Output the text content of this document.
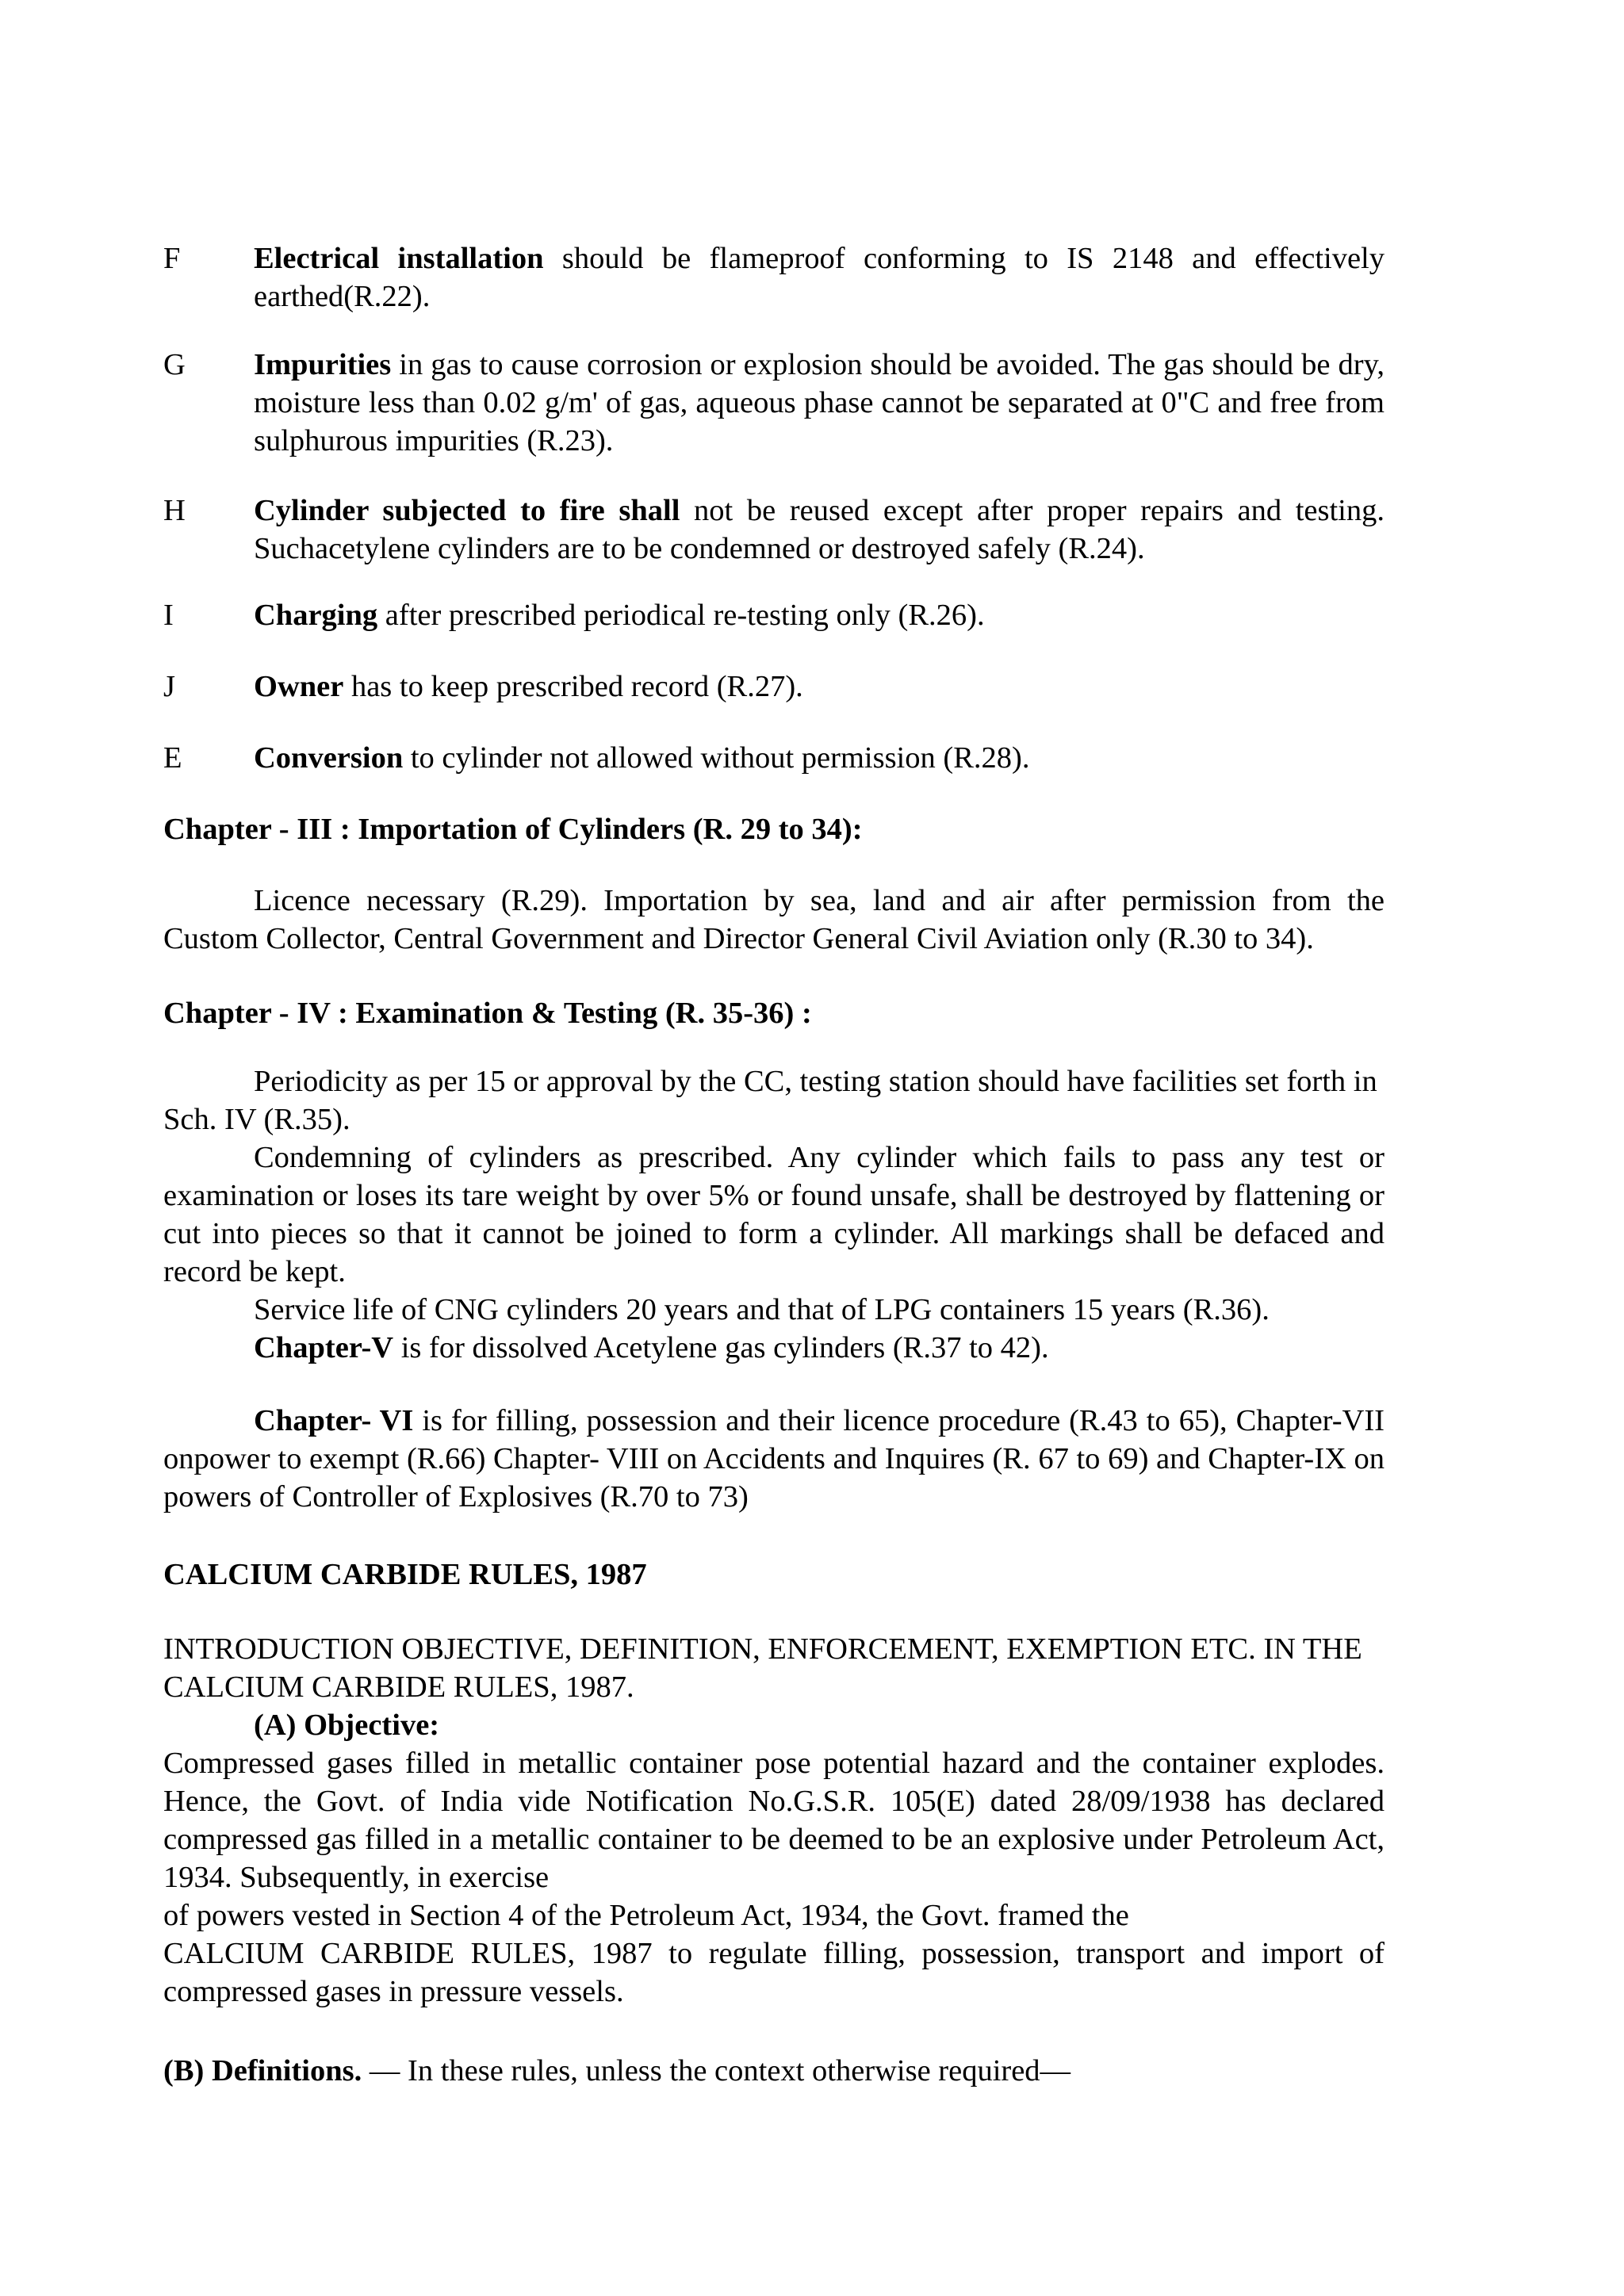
F	Electrical installation should be flameproof conforming to IS 2148 and effectively earthed(R.22).

G	Impurities in gas to cause corrosion or explosion should be avoided. The gas should be dry, moisture less than 0.02 g/m' of gas, aqueous phase cannot be separated at 0"C and free from sulphurous impurities (R.23).

H	Cylinder subjected to fire shall not be reused except after proper repairs and testing. Suchacetylene cylinders are to be condemned or destroyed safely (R.24).

I	Charging after prescribed periodical re-testing only (R.26).

J	Owner has to keep prescribed record (R.27).

E	Conversion to cylinder not allowed without permission (R.28).

Chapter - III : Importation of Cylinders (R. 29 to 34):

Licence necessary (R.29). Importation by sea, land and air after permission from the Custom Collector, Central Government and Director General Civil Aviation only (R.30 to 34).

Chapter - IV : Examination & Testing (R. 35-36) :

Periodicity as per 15 or approval by the CC, testing station should have facilities set forth in Sch. IV (R.35).

Condemning of cylinders as prescribed. Any cylinder which fails to pass any test or examination or loses its tare weight by over 5% or found unsafe, shall be destroyed by flattening or cut into pieces so that it cannot be joined to form a cylinder. All markings shall be defaced and record be kept.

Service life of CNG cylinders 20 years and that of LPG containers 15 years (R.36).

Chapter-V is for dissolved Acetylene gas cylinders (R.37 to 42).

Chapter- VI is for filling, possession and their licence procedure (R.43 to 65), Chapter-VII onpower to exempt (R.66) Chapter- VIII on Accidents and Inquires (R. 67 to 69) and Chapter-IX on powers of Controller of Explosives (R.70 to 73)

CALCIUM CARBIDE RULES, 1987

INTRODUCTION OBJECTIVE, DEFINITION, ENFORCEMENT, EXEMPTION ETC. IN THE CALCIUM CARBIDE RULES, 1987.

(A) Objective:

Compressed gases filled in metallic container pose potential hazard and the container explodes. Hence, the Govt. of India vide Notification No.G.S.R. 105(E) dated 28/09/1938 has declared compressed gas filled in a metallic container to be deemed to be an explosive under Petroleum Act, 1934. Subsequently, in exercise

of powers vested in Section 4 of the Petroleum Act, 1934, the Govt. framed the

CALCIUM CARBIDE RULES, 1987 to regulate filling, possession, transport and import of compressed gases in pressure vessels.

(B) Definitions. — In these rules, unless the context otherwise required—
